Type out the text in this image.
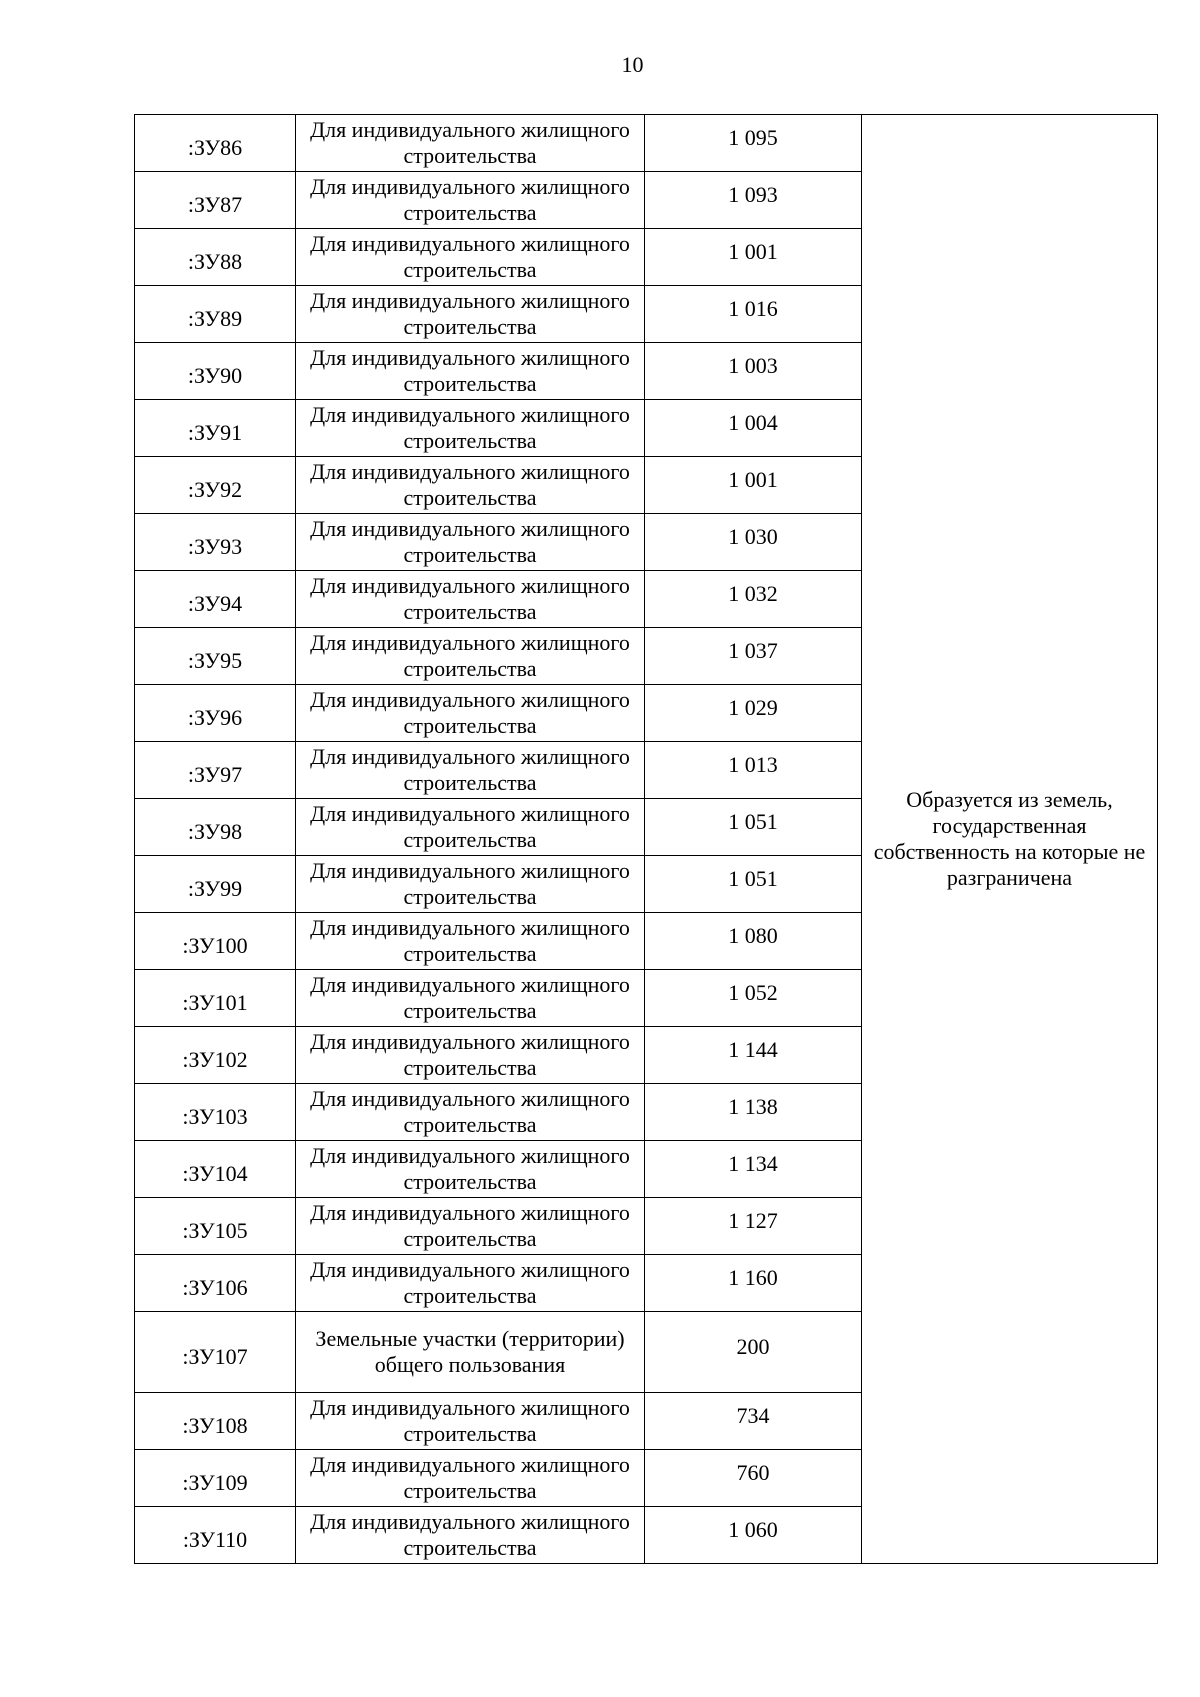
10
:ЗУ86	Для индивидуального жилищного строительства	1 095	Образуется из земель, государственная собственность на которые не разграничена
:ЗУ87	Для индивидуального жилищного строительства	1 093	
:ЗУ88	Для индивидуального жилищного строительства	1 001	
:ЗУ89	Для индивидуального жилищного строительства	1 016	
:ЗУ90	Для индивидуального жилищного строительства	1 003	
:ЗУ91	Для индивидуального жилищного строительства	1 004	
:ЗУ92	Для индивидуального жилищного строительства	1 001	
:ЗУ93	Для индивидуального жилищного строительства	1 030	
:ЗУ94	Для индивидуального жилищного строительства	1 032	
:ЗУ95	Для индивидуального жилищного строительства	1 037	
:ЗУ96	Для индивидуального жилищного строительства	1 029	
:ЗУ97	Для индивидуального жилищного строительства	1 013	
:ЗУ98	Для индивидуального жилищного строительства	1 051	
:ЗУ99	Для индивидуального жилищного строительства	1 051	
:ЗУ100	Для индивидуального жилищного строительства	1 080	
:ЗУ101	Для индивидуального жилищного строительства	1 052	
:ЗУ102	Для индивидуального жилищного строительства	1 144	
:ЗУ103	Для индивидуального жилищного строительства	1 138	
:ЗУ104	Для индивидуального жилищного строительства	1 134	
:ЗУ105	Для индивидуального жилищного строительства	1 127	
:ЗУ106	Для индивидуального жилищного строительства	1 160	
:ЗУ107	Земельные участки (территории) общего пользования	200	
:ЗУ108	Для индивидуального жилищного строительства	734	
:ЗУ109	Для индивидуального жилищного строительства	760	
:ЗУ110	Для индивидуального жилищного строительства	1 060	
